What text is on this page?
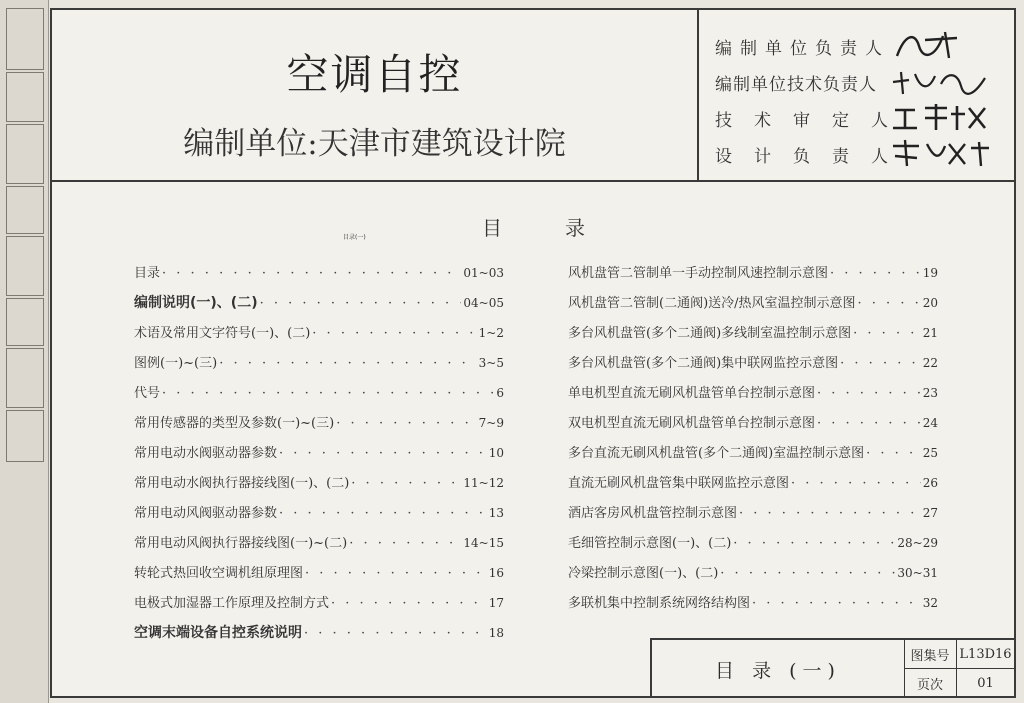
空调自控
编制单位:天津市建筑设计院
编制单位负责人
编制单位技术负责人
技术审定人
设计负责人
目	录
目录(一)
目录 · · ·	01~03
编制说明(一)、(二) · · ·	04~05
术语及常用文字符号(一)、(二) · · ·	1~2
图例(一)~(三) · · ·	3~5
代号 · · ·	6
常用传感器的类型及参数(一)~(三) · · ·	7~9
常用电动水阀驱动器参数 · · ·	10
常用电动水阀执行器接线图(一)、(二) · · ·	11~12
常用电动风阀驱动器参数 · · ·	13
常用电动风阀执行器接线图(一)~(二) · · ·	14~15
转轮式热回收空调机组原理图 · · ·	16
电极式加湿器工作原理及控制方式 · · ·	17
空调末端设备自控系统说明 · · ·	18
风机盘管二管制单一手动控制风速控制示意图 · · ·	19
风机盘管二管制(二通阀)送冷/热风室温控制示意图 · · ·	20
多台风机盘管(多个二通阀)多线制室温控制示意图 · · ·	21
多台风机盘管(多个二通阀)集中联网监控示意图 · · ·	22
单电机型直流无刷风机盘管单台控制示意图 · · ·	23
双电机型直流无刷风机盘管单台控制示意图 · · ·	24
多台直流无刷风机盘管(多个二通阀)室温控制示意图 · · ·	25
直流无刷风机盘管集中联网监控示意图 · · ·	26
酒店客房风机盘管控制示意图 · · ·	27
毛细管控制示意图(一)、(二) · · ·	28~29
冷梁控制示意图(一)、(二) · · ·	30~31
多联机集中控制系统网络结构图 · · ·	32
目 录 (一)
图集号 L13D16
页次	01
